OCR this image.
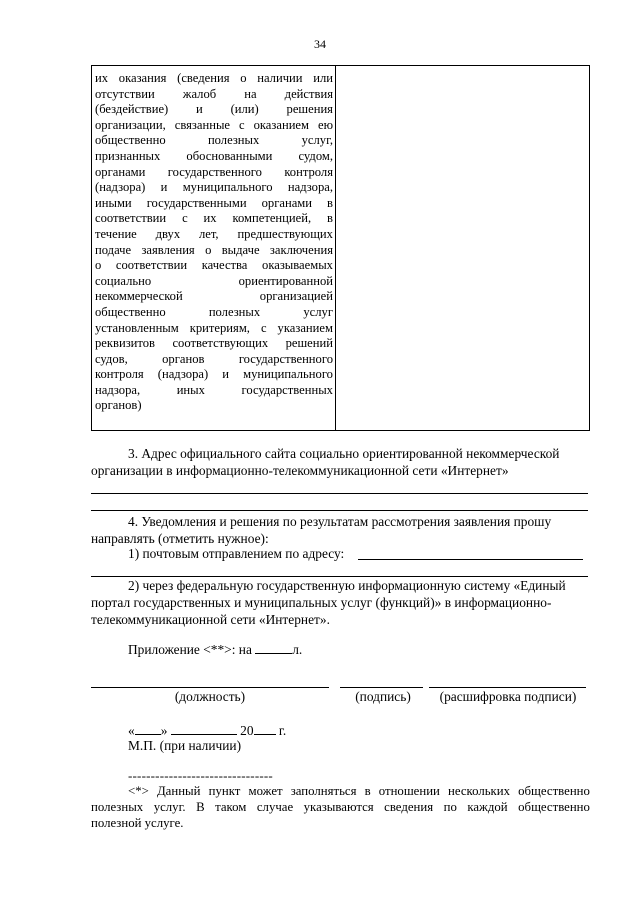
34
их оказания (сведения о наличии или
отсутствии жалоб на действия
(бездействие) и (или) решения
организации, связанные с оказанием ею
общественно	полезных	услуг,
признанных обоснованными судом,
органами государственного контроля
(надзора) и муниципального надзора,
иными государственными органами в
соответствии с их компетенцией, в
течение двух лет, предшествующих
подаче заявления о выдаче заключения
о соответствии качества оказываемых
социально	ориентированной
некоммерческой	организацией
общественно	полезных	услуг
установленным критериям, с указанием
реквизитов соответствующих решений
судов,	органов	государственного
контроля (надзора) и муниципального
надзора,	иных	государственных
органов)

3. Адрес официального сайта социально ориентированной некоммерческой
организации в информационно-телекоммуникационной сети «Интернет»
4. Уведомления и решения по результатам рассмотрения заявления прошу
направлять (отметить нужное):
1) почтовым отправлением по адресу:
2) через федеральную государственную информационную систему «Единый
портал государственных и муниципальных услуг (функций)» в информационно-
телекоммуникационной сети «Интернет».
Приложение <**>: на	л.
(должность)	(подпись)	(расшифровка подписи)
« »	20 г.
М.П. (при наличии)
--------------------------------
<*> Данный пункт может заполняться в отношении нескольких общественно
полезных услуг. В таком случае указываются сведения по каждой общественно
полезной услуге.
